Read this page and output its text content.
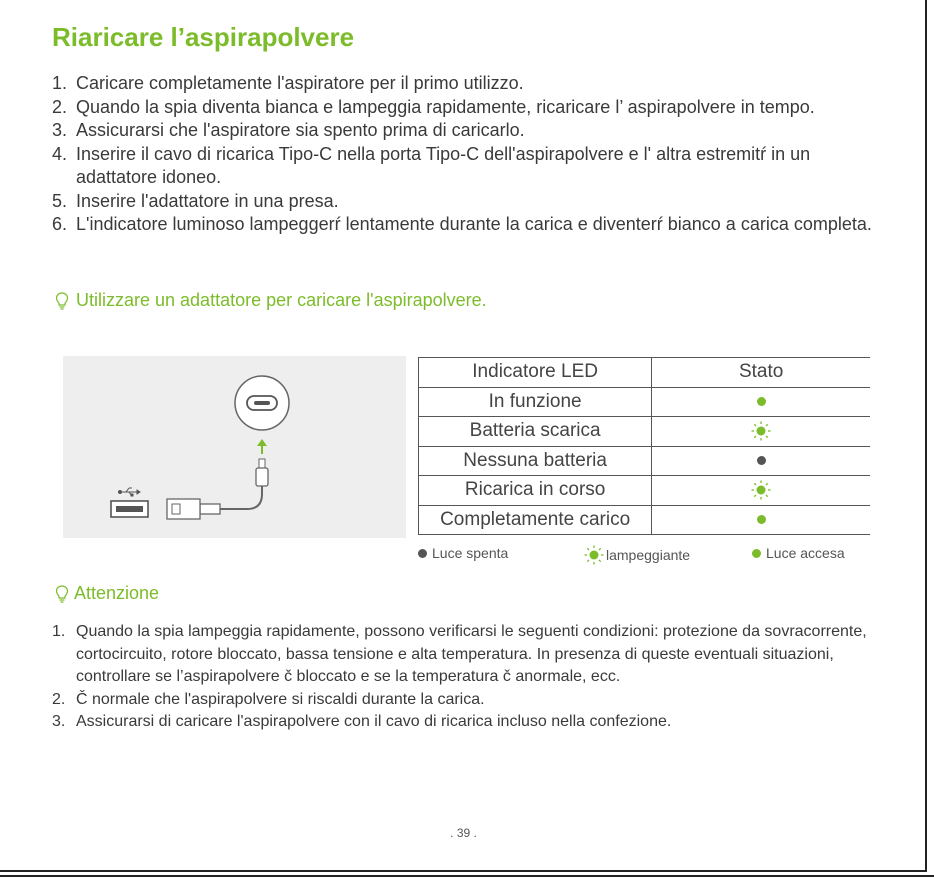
Riaricare l’aspirapolvere
1. Caricare completamente l'aspiratore per il primo utilizzo.
2. Quando la spia diventa bianca e lampeggia rapidamente, ricaricare l’ aspirapolvere in tempo.
3. Assicurarsi che l'aspiratore sia spento prima di caricarlo.
4. Inserire il cavo di ricarica Tipo-C nella porta Tipo-C dell'aspirapolvere e l' altra estremitŕ in un adattatore idoneo.
5. Inserire l'adattatore in una presa.
6. L'indicatore luminoso lampeggerŕ lentamente durante la carica e diventerŕ bianco a carica completa.
Utilizzare un adattatore per caricare l'aspirapolvere.
Indicatore LED	Stato
In funzione	
Batteria scarica	
Nessuna batteria	
Ricarica in corso	
Completamente carico	
Luce spenta	lampeggiante	Luce accesa
Attenzione
1. Quando la spia lampeggia rapidamente, possono verificarsi le seguenti condizioni: protezione da sovracorrente, cortocircuito, rotore bloccato, bassa tensione e alta temperatura. In presenza di queste eventuali situazioni, controllare se l’aspirapolvere č bloccato e se la temperatura č anormale, ecc.
2. Č normale che l'aspirapolvere si riscaldi durante la carica.
3. Assicurarsi di caricare l'aspirapolvere con il cavo di ricarica incluso nella confezione.
. 39 .
